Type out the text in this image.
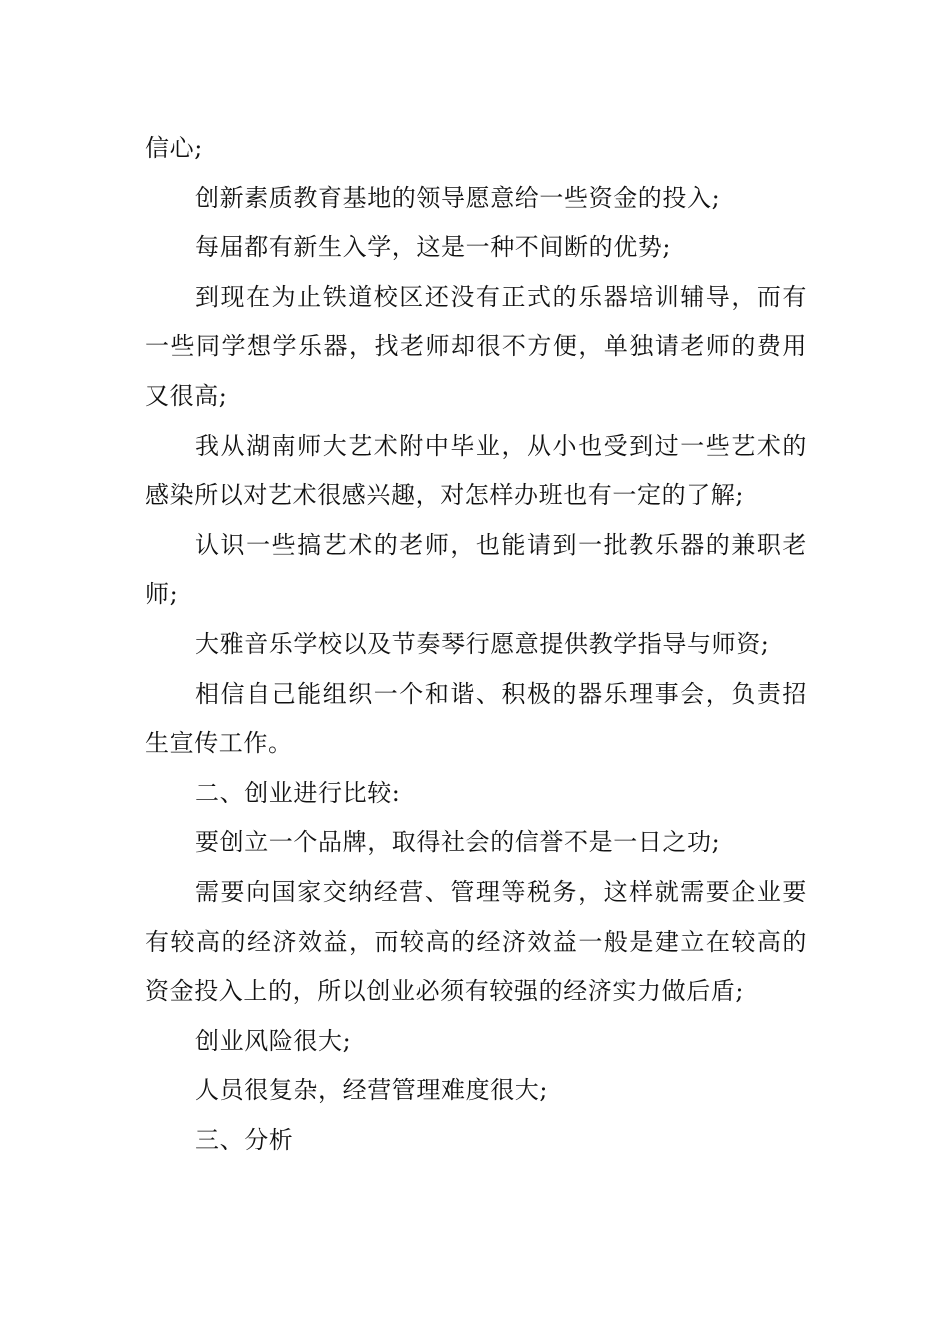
信心;

创新素质教育基地的领导愿意给一些资金的投入;

每届都有新生入学，这是一种不间断的优势;

到现在为止铁道校区还没有正式的乐器培训辅导，而有一些同学想学乐器，找老师却很不方便，单独请老师的费用又很高;

我从湖南师大艺术附中毕业，从小也受到过一些艺术的感染所以对艺术很感兴趣，对怎样办班也有一定的了解;

认识一些搞艺术的老师，也能请到一批教乐器的兼职老师;

大雅音乐学校以及节奏琴行愿意提供教学指导与师资;

相信自己能组织一个和谐、积极的器乐理事会，负责招生宣传工作。

二、创业进行比较:

要创立一个品牌，取得社会的信誉不是一日之功;

需要向国家交纳经营、管理等税务，这样就需要企业要有较高的经济效益，而较高的经济效益一般是建立在较高的资金投入上的，所以创业必须有较强的经济实力做后盾;

创业风险很大;

人员很复杂，经营管理难度很大;

三、分析
